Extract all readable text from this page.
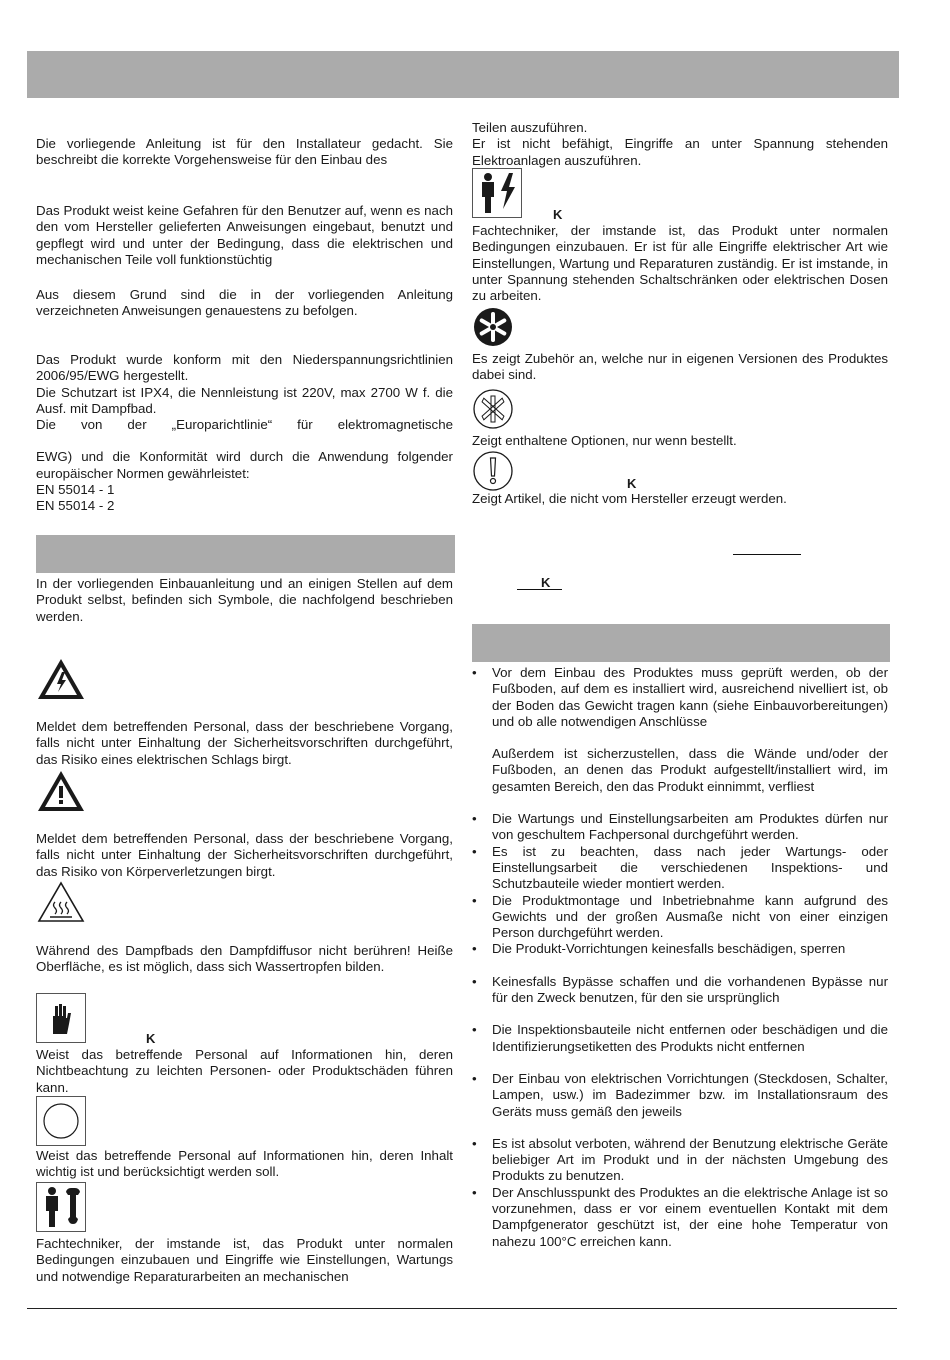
Die vorliegende Anleitung ist für den Installateur gedacht. Sie beschreibt die korrekte Vorgehensweise für den Einbau des

Das Produkt weist keine Gefahren für den Benutzer auf, wenn es nach den vom Hersteller gelieferten Anweisungen eingebaut, benutzt und gepflegt wird und unter der Bedingung, dass die elektrischen und mechanischen Teile voll funktionstüchtig

Aus diesem Grund sind die in der vorliegenden Anleitung verzeichneten Anweisungen genauestens zu befolgen.

Das Produkt wurde konform mit den Niederspannungsrichtlinien 2006/95/EWG hergestellt.
Die Schutzart ist IPX4, die Nennleistung ist 220V, max 2700 W f. die Ausf. mit Dampfbad.
Die von der „Europarichtlinie“ für elektromagnetische
EWG) und die Konformität wird durch die Anwendung folgender europäischer Normen gewährleistet:
EN 55014 - 1
EN 55014 - 2

In der vorliegenden Einbauanleitung und an einigen Stellen auf dem Produkt selbst, befinden sich Symbole, die nachfolgend beschrieben werden.

Meldet dem betreffenden Personal, dass der beschriebene Vorgang, falls nicht unter Einhaltung der Sicherheitsvorschriften durchgeführt, das Risiko eines elektrischen Schlags birgt.

Meldet dem betreffenden Personal, dass der beschriebene Vorgang, falls nicht unter Einhaltung der Sicherheitsvorschriften durchgeführt, das Risiko von Körperverletzungen birgt.

Während des Dampfbads den Dampfdiffusor nicht berühren! Heiße Oberfläche, es ist möglich, dass sich Wassertropfen bilden.

K

Weist das betreffende Personal auf Informationen hin, deren Nichtbeachtung zu leichten Personen- oder Produktschäden führen kann.

Weist das betreffende Personal auf Informationen hin, deren Inhalt wichtig ist und berücksichtigt werden soll.

Fachtechniker, der imstande ist, das Produkt unter normalen Bedingungen einzubauen und Eingriffe wie Einstellungen, Wartungs und notwendige Reparaturarbeiten an mechanischen

Teilen auszuführen.
Er ist nicht befähigt, Eingriffe an unter Spannung stehenden Elektroanlagen auszuführen.
K

Fachtechniker, der imstande ist, das Produkt unter normalen Bedingungen einzubauen. Er ist für alle Eingriffe elektrischer Art wie Einstellungen, Wartung und Reparaturen zuständig. Er ist imstande, in unter Spannung stehenden Schaltschränken oder elektrischen Dosen zu arbeiten.

Es zeigt Zubehör an, welche nur in eigenen Versionen des Produktes dabei sind.

Zeigt enthaltene Optionen, nur wenn bestellt.

K

Zeigt Artikel, die nicht vom Hersteller erzeugt werden.

K
• Vor dem Einbau des Produktes muss geprüft werden, ob der Fußboden, auf dem es installiert wird, ausreichend nivelliert ist, ob der Boden das Gewicht tragen kann (siehe Einbauvorbereitungen) und ob alle notwendigen Anschlüsse
Außerdem ist sicherzustellen, dass die Wände und/oder der Fußboden, an denen das Produkt aufgestellt/installiert wird, im gesamten Bereich, den das Produkt einnimmt, verfliest
• Die Wartungs und Einstellungsarbeiten am Produktes dürfen nur von geschultem Fachpersonal durchgeführt werden.
• Es ist zu beachten, dass nach jeder Wartungs- oder Einstellungsarbeit die verschiedenen Inspektions- und Schutzbauteile wieder montiert werden.
• Die Produktmontage und Inbetriebnahme kann aufgrund des Gewichts und der großen Ausmaße nicht von einer einzigen Person durchgeführt werden.
• Die Produkt-Vorrichtungen keinesfalls beschädigen, sperren
• Keinesfalls Bypässe schaffen und die vorhandenen Bypässe nur für den Zweck benutzen, für den sie ursprünglich
• Die Inspektionsbauteile nicht entfernen oder beschädigen und die Identifizierungsetiketten des Produkts nicht entfernen
• Der Einbau von elektrischen Vorrichtungen (Steckdosen, Schalter, Lampen, usw.) im Badezimmer bzw. im Installationsraum des Geräts muss gemäß den jeweils
• Es ist absolut verboten, während der Benutzung elektrische Geräte beliebiger Art im Produkt und in der nächsten Umgebung des Produkts zu benutzen.
• Der Anschlusspunkt des Produktes an die elektrische Anlage ist so vorzunehmen, dass er vor einem eventuellen Kontakt mit dem Dampfgenerator geschützt ist, der eine hohe Temperatur von nahezu 100°C erreichen kann.
